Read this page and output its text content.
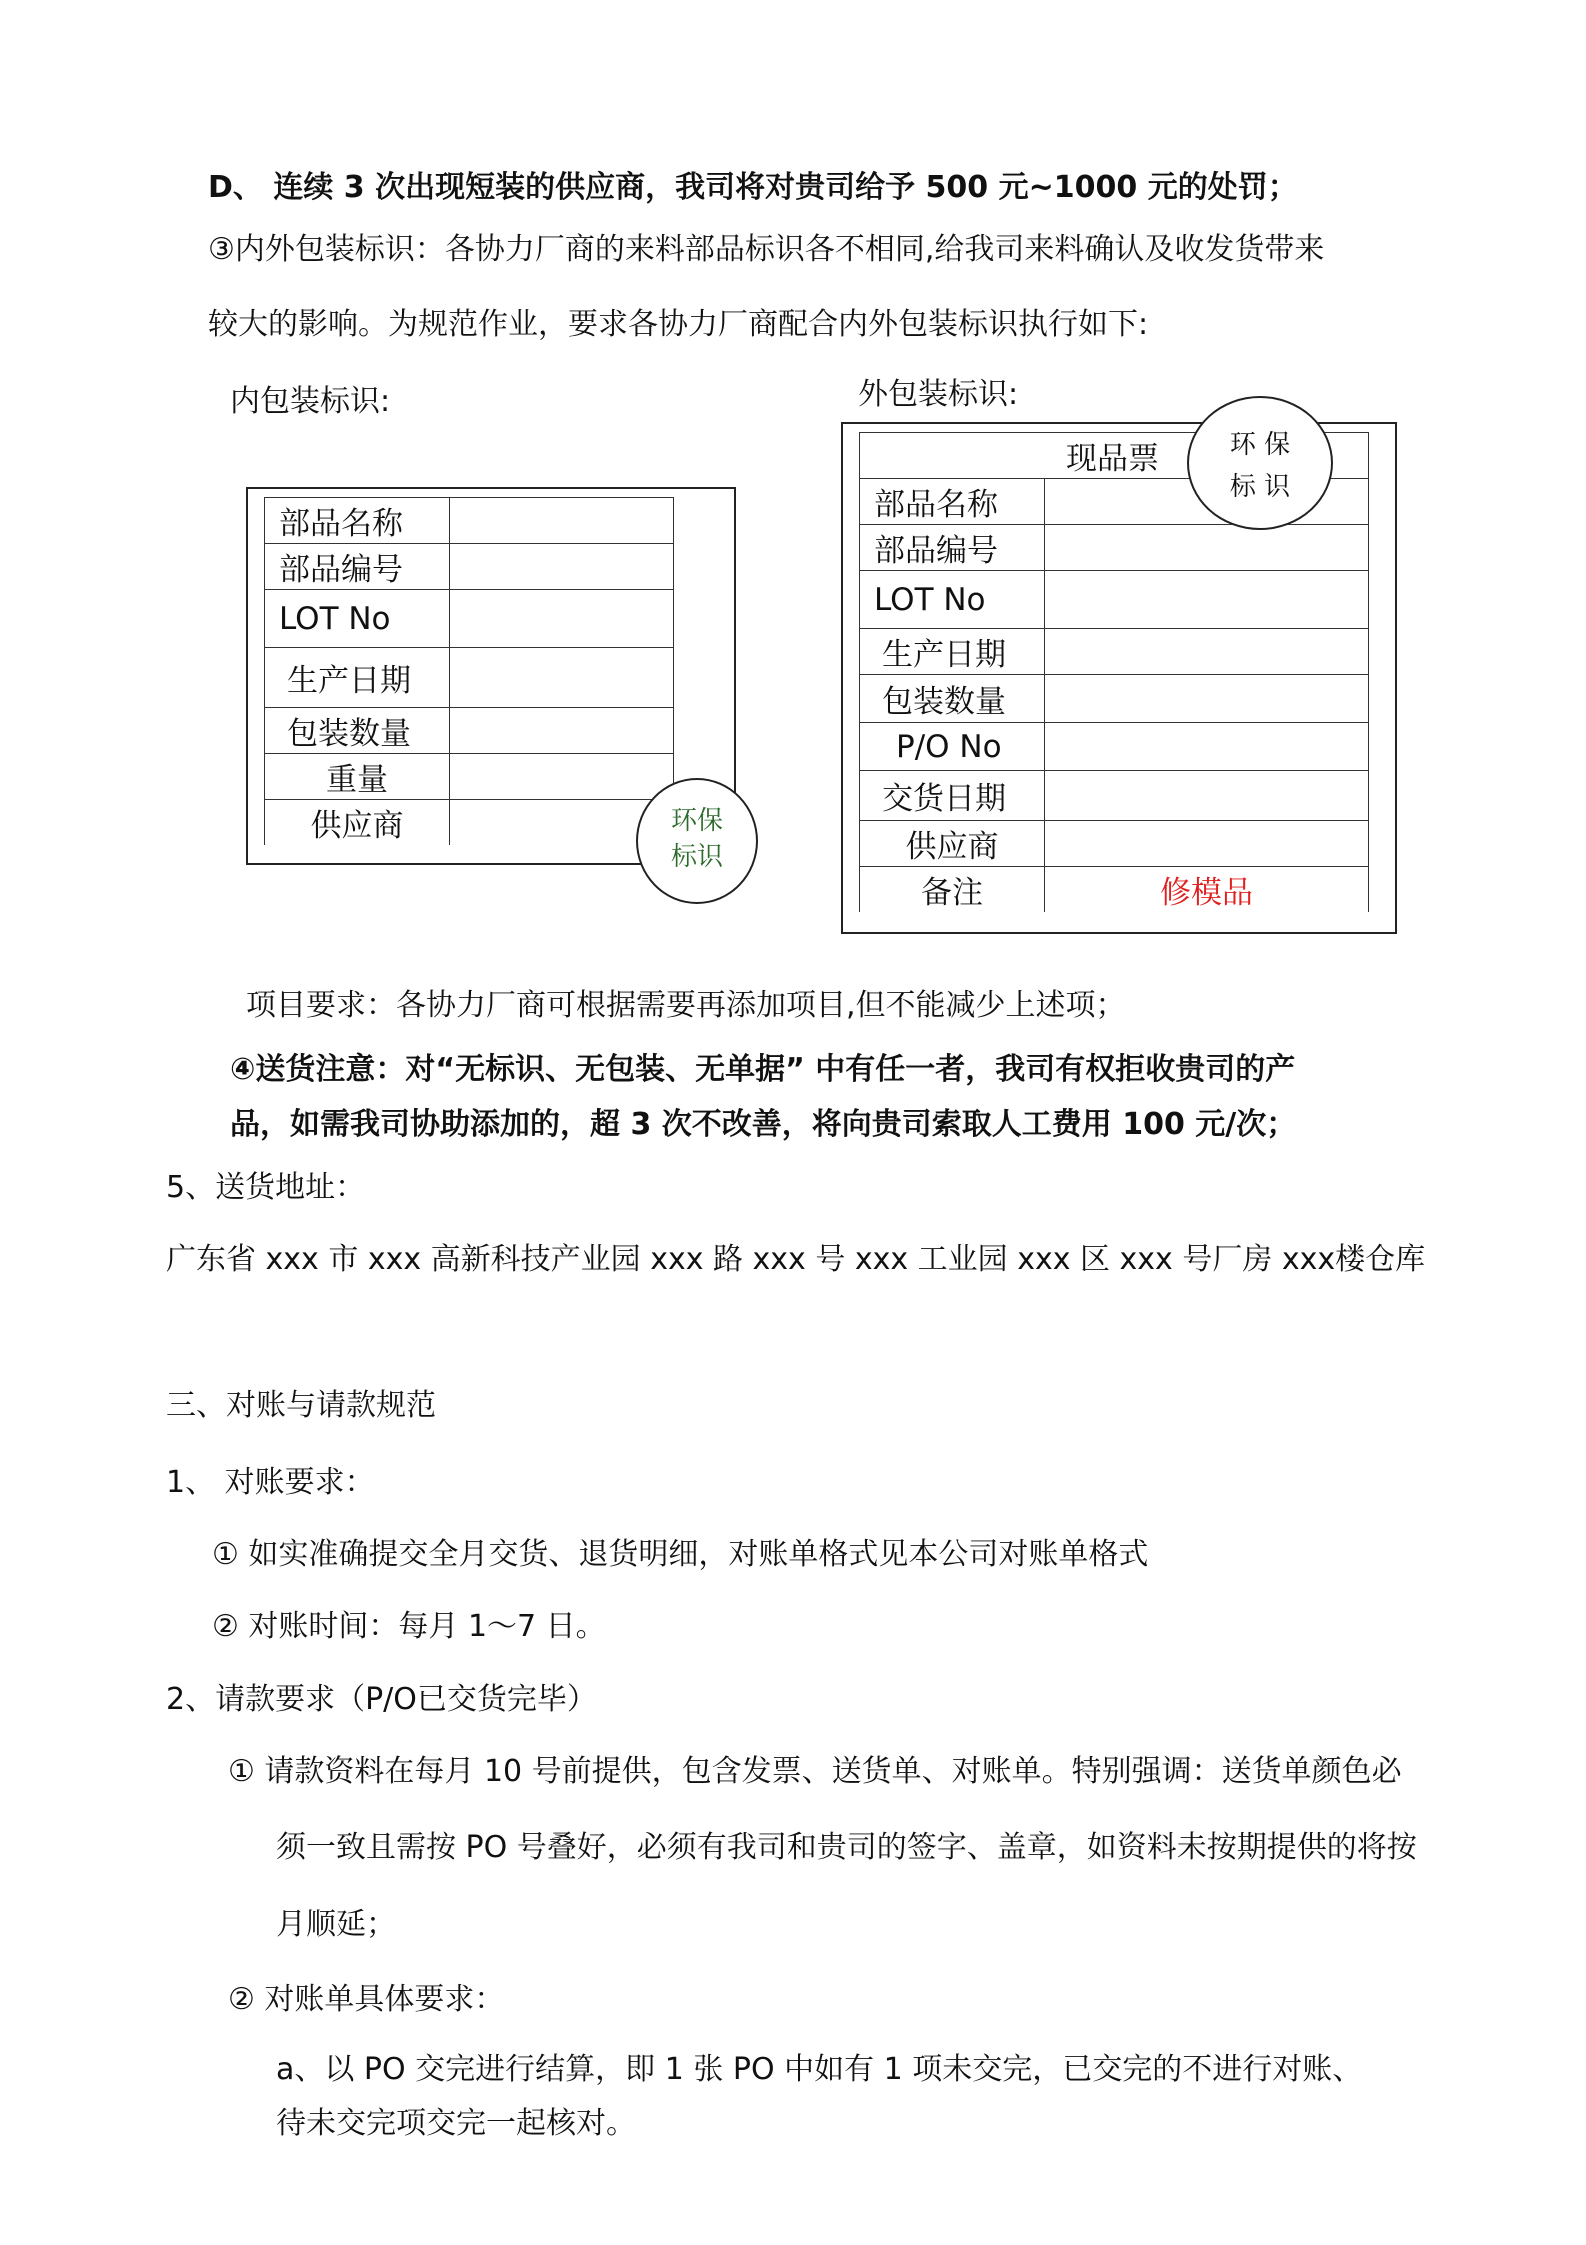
D、 连续 3 次出现短装的供应商，我司将对贵司给予 500 元~1000 元的处罚；
③内外包装标识：各协力厂商的来料部品标识各不相同,给我司来料确认及收发货带来
较大的影响。为规范作业，要求各协力厂商配合内外包装标识执行如下:
内包装标识:
部品名称	
部品编号	
LOT No	
生产日期	
包装数量	
重量	
供应商		环保
标识
外包装标识:
现品票	
部品名称	
部品编号	
LOT No	
生产日期	
包装数量	
P/O No	
交货日期	
供应商	
备注	修模品
环 保
标 识
项目要求：各协力厂商可根据需要再添加项目,但不能减少上述项；
④送货注意：对“无标识、无包装、无单据” 中有任一者，我司有权拒收贵司的产
品，如需我司协助添加的，超 3 次不改善，将向贵司索取人工费用 100 元/次；
5、送货地址：
广东省 xxx 市 xxx 高新科技产业园 xxx 路 xxx 号 xxx 工业园 xxx 区 xxx 号厂房 xxx楼仓库
三、对账与请款规范
1、 对账要求：
① 如实准确提交全月交货、退货明细，对账单格式见本公司对账单格式
② 对账时间：每月 1～7 日。
2、请款要求（P/O已交货完毕）
① 请款资料在每月 10 号前提供，包含发票、送货单、对账单。特别强调：送货单颜色必
须一致且需按 PO 号叠好，必须有我司和贵司的签字、盖章，如资料未按期提供的将按
月顺延；
② 对账单具体要求：
a、以 PO 交完进行结算，即 1 张 PO 中如有 1 项未交完，已交完的不进行对账、
待未交完项交完一起核对。
